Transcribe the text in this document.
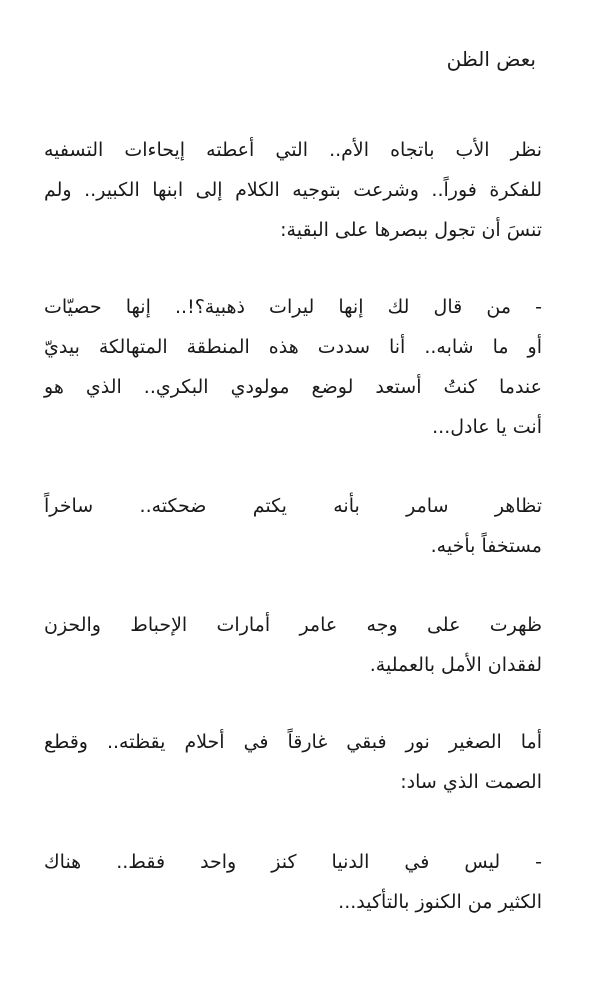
بعض الظن
نظر الأب باتجاه الأم.. التي أعطته إيحاءات التسفيه
للفكرة فوراً.. وشرعت بتوجيه الكلام إلى ابنها الكبير.. ولم
تنسَ أن تجول ببصرها على البقية:
- من قال لك إنها ليرات ذهبية؟!.. إنها حصيّات
أو ما شابه.. أنا سددت هذه المنطقة المتهالكة بيديّ
عندما كنتُ أستعد لوضع مولودي البكري.. الذي هو
أنت يا عادل...
تظاهر سامر بأنه يكتم ضحكته.. ساخراً
مستخفاً بأخيه.
ظهرت على وجه عامر أمارات الإحباط والحزن
لفقدان الأمل بالعملية.
أما الصغير نور فبقي غارقاً في أحلام يقظته.. وقطع
الصمت الذي ساد:
- ليس في الدنيا كنز واحد فقط.. هناك
الكثير من الكنوز بالتأكيد...
